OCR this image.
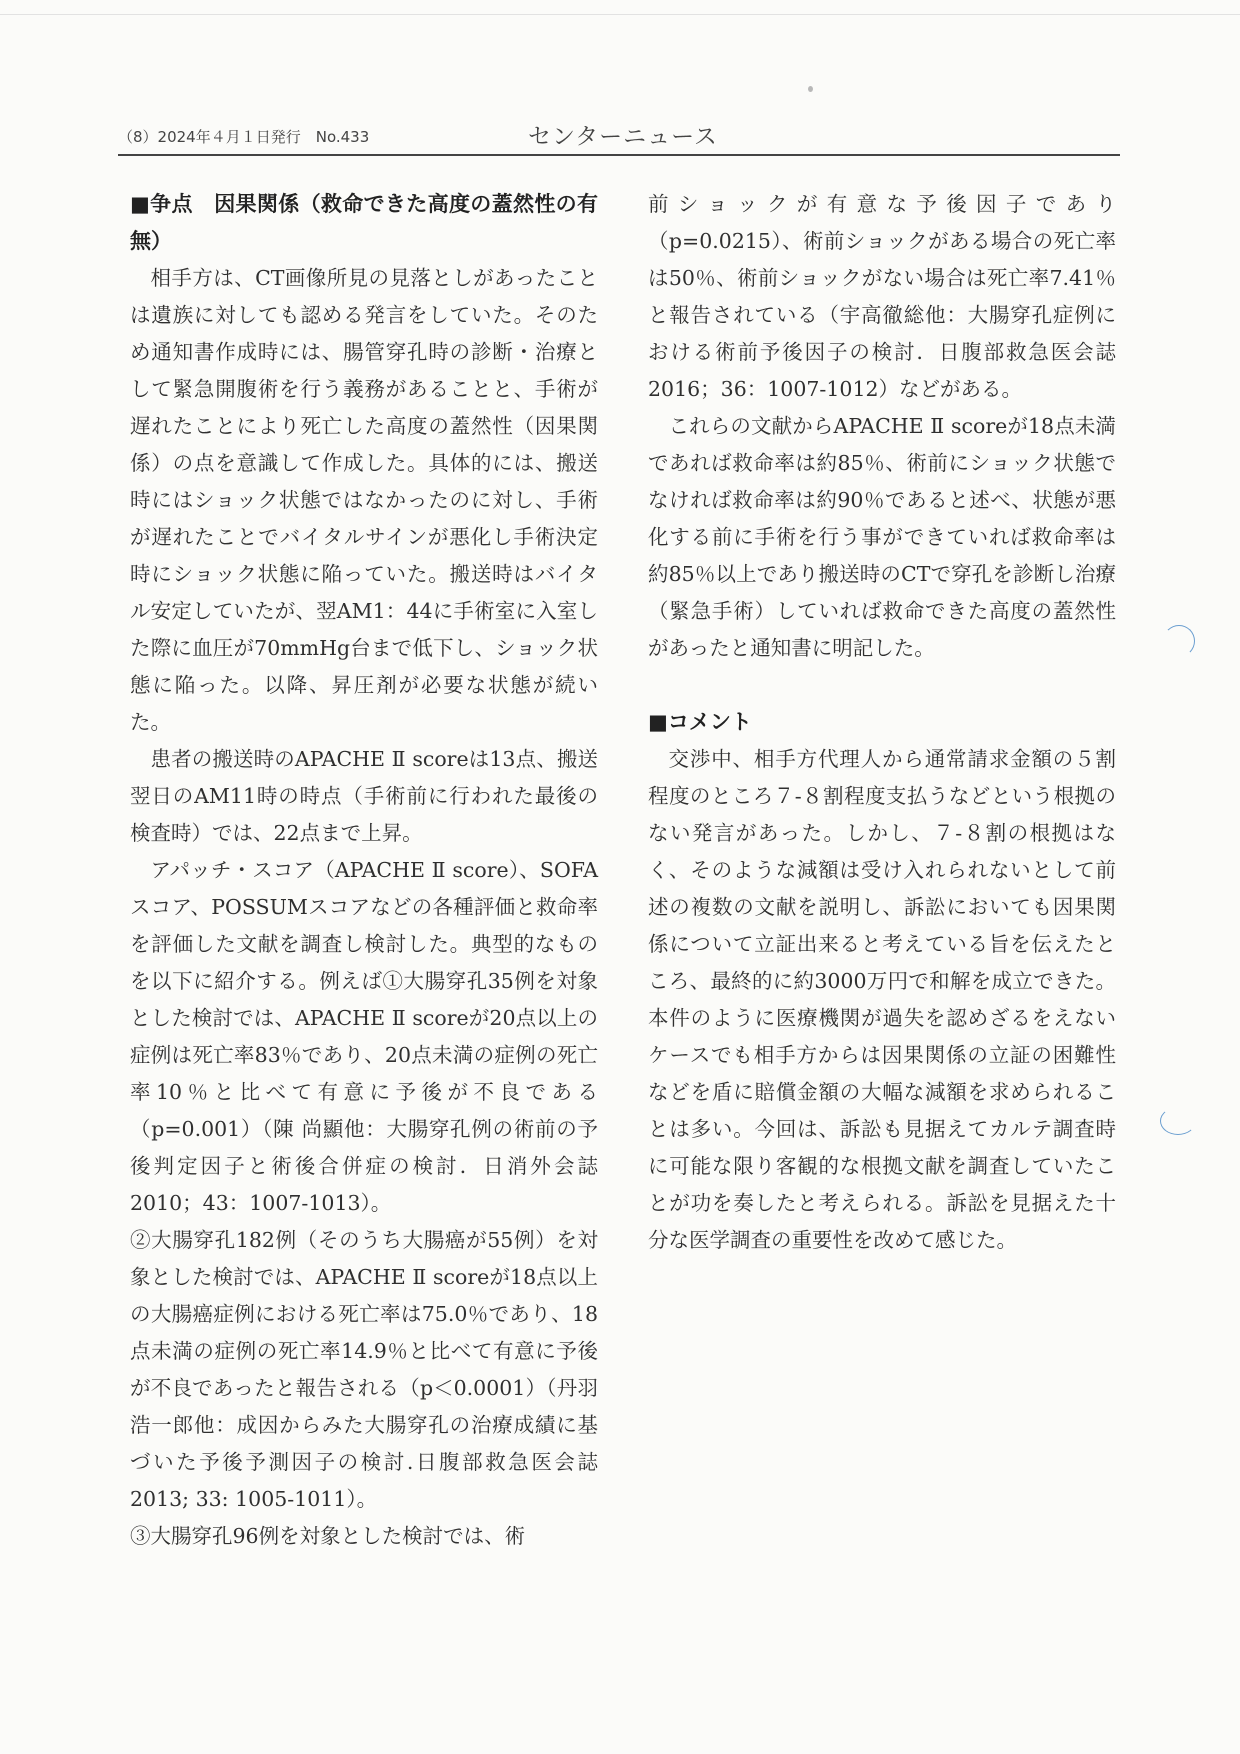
（8）2024年４月１日発行　No.433	センターニュース

■争点　因果関係（救命できた高度の蓋然性の有無）

相手方は、CT画像所見の見落としがあったことは遺族に対しても認める発言をしていた。そのため通知書作成時には、腸管穿孔時の診断・治療として緊急開腹術を行う義務があることと、手術が遅れたことにより死亡した高度の蓋然性（因果関係）の点を意識して作成した。具体的には、搬送時にはショック状態ではなかったのに対し、手術が遅れたことでバイタルサインが悪化し手術決定時にショック状態に陥っていた。搬送時はバイタル安定していたが、翌AM1：44に手術室に入室した際に血圧が70mmHg台まで低下し、ショック状態に陥った。以降、昇圧剤が必要な状態が続いた。

患者の搬送時のAPACHE Ⅱ scoreは13点、搬送翌日のAM11時の時点（手術前に行われた最後の検査時）では、22点まで上昇。

アパッチ・スコア（APACHE Ⅱ score）、SOFAスコア、POSSUMスコアなどの各種評価と救命率を評価した文献を調査し検討した。典型的なものを以下に紹介する。例えば①大腸穿孔35例を対象とした検討では、APACHE Ⅱ scoreが20点以上の症例は死亡率83％であり、20点未満の症例の死亡率10％と比べて有意に予後が不良である（p=0.001）（陳 尚顯他：大腸穿孔例の術前の予後判定因子と術後合併症の検討．日消外会誌2010；43：1007-1013）。

②大腸穿孔182例（そのうち大腸癌が55例）を対象とした検討では、APACHE Ⅱ scoreが18点以上の大腸癌症例における死亡率は75.0％であり、18点未満の症例の死亡率14.9％と比べて有意に予後が不良であったと報告される（p＜0.0001）（丹羽 浩一郎他：成因からみた大腸穿孔の治療成績に基づいた予後予測因子の検討.日腹部救急医会誌 2013; 33: 1005-1011）。

③大腸穿孔96例を対象とした検討では、術

前ショックが有意な予後因子であり（p=0.0215）、術前ショックがある場合の死亡率は50％、術前ショックがない場合は死亡率7.41％と報告されている（宇高徹総他：大腸穿孔症例における術前予後因子の検討．日腹部救急医会誌2016；36：1007-1012）などがある。

これらの文献からAPACHE Ⅱ scoreが18点未満であれば救命率は約85％、術前にショック状態でなければ救命率は約90％であると述べ、状態が悪化する前に手術を行う事ができていれば救命率は約85％以上であり搬送時のCTで穿孔を診断し治療（緊急手術）していれば救命できた高度の蓋然性があったと通知書に明記した。

■コメント

交渉中、相手方代理人から通常請求金額の５割程度のところ７‐８割程度支払うなどという根拠のない発言があった。しかし、７‐８割の根拠はなく、そのような減額は受け入れられないとして前述の複数の文献を説明し、訴訟においても因果関係について立証出来ると考えている旨を伝えたところ、最終的に約3000万円で和解を成立できた。本件のように医療機関が過失を認めざるをえないケースでも相手方からは因果関係の立証の困難性などを盾に賠償金額の大幅な減額を求められることは多い。今回は、訴訟も見据えてカルテ調査時に可能な限り客観的な根拠文献を調査していたことが功を奏したと考えられる。訴訟を見据えた十分な医学調査の重要性を改めて感じた。
